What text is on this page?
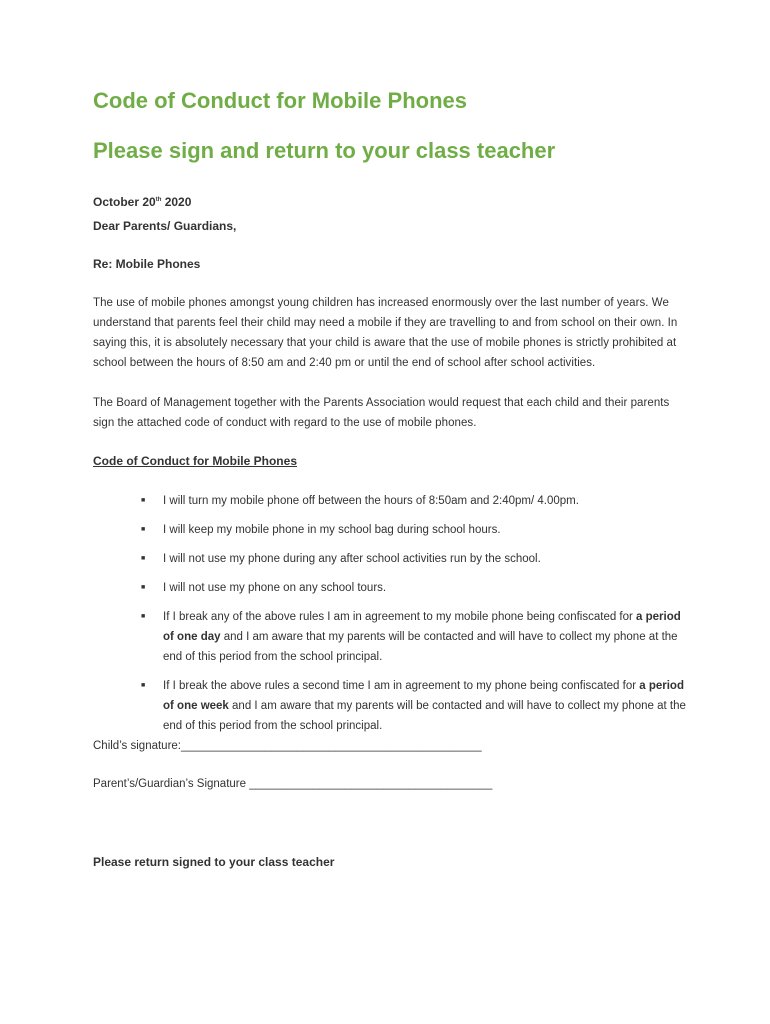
Code of Conduct for Mobile Phones
Please sign and return to your class teacher
October 20th 2020
Dear Parents/ Guardians,
Re: Mobile Phones

The use of mobile phones amongst young children has increased enormously over the last number of years. We understand that parents feel their child may need a mobile if they are travelling to and from school on their own. In saying this, it is absolutely necessary that your child is aware that the use of mobile phones is strictly prohibited at school between the hours of 8:50 am and 2:40 pm or until the end of school after school activities.

The Board of Management together with the Parents Association would request that each child and their parents sign the attached code of conduct with regard to the use of mobile phones.

Code of Conduct for Mobile Phones
■ I will turn my mobile phone off between the hours of 8:50am and 2:40pm/ 4.00pm.
■ I will keep my mobile phone in my school bag during school hours.
■ I will not use my phone during any after school activities run by the school.
■ I will not use my phone on any school tours.
■ If I break any of the above rules I am in agreement to my mobile phone being confiscated for a period of one day and I am aware that my parents will be contacted and will have to collect my phone at the end of this period from the school principal.
■ If I break the above rules a second time I am in agreement to my phone being confiscated for a period of one week and I am aware that my parents will be contacted and will have to collect my phone at the end of this period from the school principal.
Child’s signature:_______________________________________________
Parent’s/Guardian’s Signature ______________________________________
Please return signed to your class teacher
